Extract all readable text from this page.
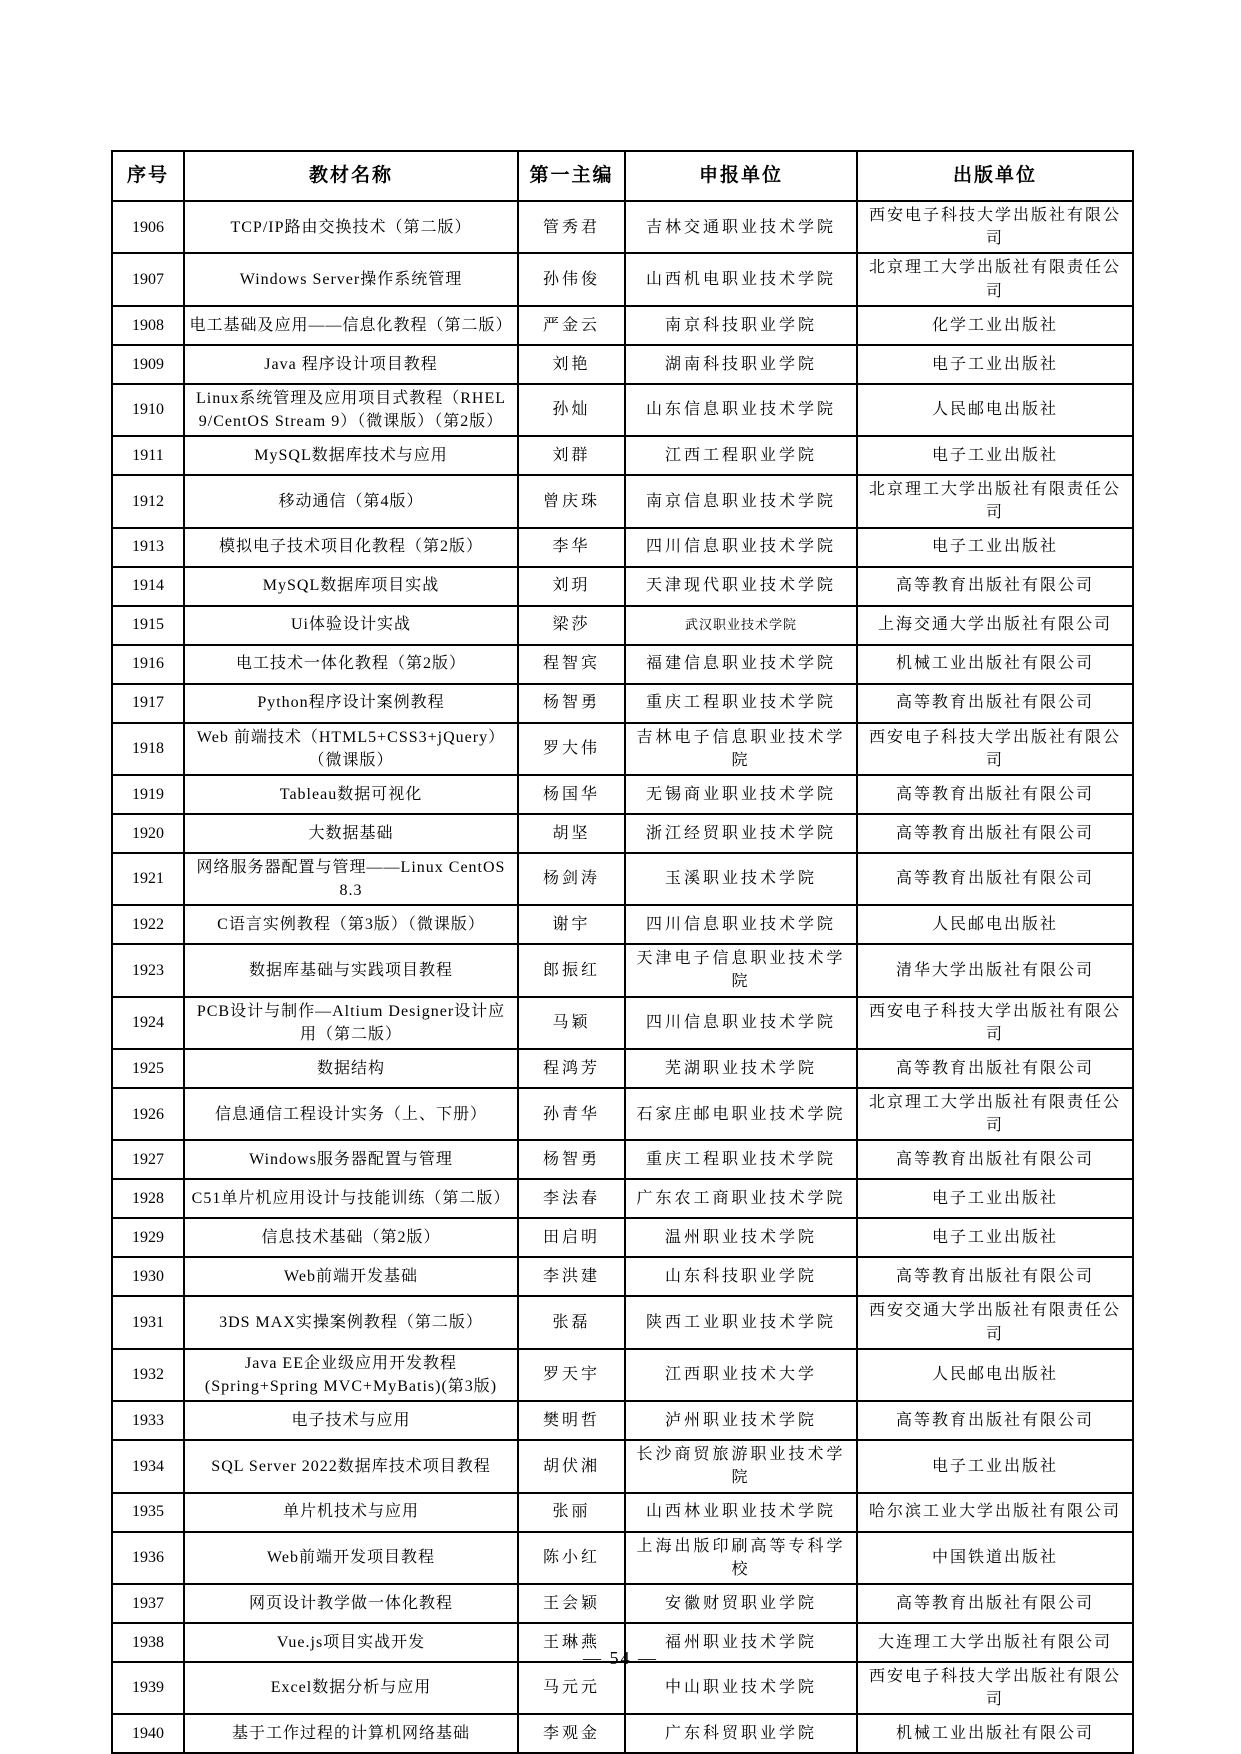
序号	教材名称	第一主编	申报单位	出版单位
1906	TCP/IP路由交换技术（第二版）	管秀君	吉林交通职业技术学院	西安电子科技大学出版社有限公司
1907	Windows Server操作系统管理	孙伟俊	山西机电职业技术学院	北京理工大学出版社有限责任公司
1908	电工基础及应用——信息化教程（第二版）	严金云	南京科技职业学院	化学工业出版社
1909	Java 程序设计项目教程	刘艳	湖南科技职业学院	电子工业出版社
1910	Linux系统管理及应用项目式教程（RHEL 9/CentOS Stream 9）（微课版）（第2版）	孙灿	山东信息职业技术学院	人民邮电出版社
1911	MySQL数据库技术与应用	刘群	江西工程职业学院	电子工业出版社
1912	移动通信（第4版）	曾庆珠	南京信息职业技术学院	北京理工大学出版社有限责任公司
1913	模拟电子技术项目化教程（第2版）	李华	四川信息职业技术学院	电子工业出版社
1914	MySQL数据库项目实战	刘玥	天津现代职业技术学院	高等教育出版社有限公司
1915	Ui体验设计实战	梁莎	武汉职业技术学院	上海交通大学出版社有限公司
1916	电工技术一体化教程（第2版）	程智宾	福建信息职业技术学院	机械工业出版社有限公司
1917	Python程序设计案例教程	杨智勇	重庆工程职业技术学院	高等教育出版社有限公司
1918	Web 前端技术（HTML5+CSS3+jQuery）（微课版）	罗大伟	吉林电子信息职业技术学院	西安电子科技大学出版社有限公司
1919	Tableau数据可视化	杨国华	无锡商业职业技术学院	高等教育出版社有限公司
1920	大数据基础	胡坚	浙江经贸职业技术学院	高等教育出版社有限公司
1921	网络服务器配置与管理——Linux CentOS 8.3	杨剑涛	玉溪职业技术学院	高等教育出版社有限公司
1922	C语言实例教程（第3版）（微课版）	谢宇	四川信息职业技术学院	人民邮电出版社
1923	数据库基础与实践项目教程	郎振红	天津电子信息职业技术学院	清华大学出版社有限公司
1924	PCB设计与制作—Altium Designer设计应用（第二版）	马颖	四川信息职业技术学院	西安电子科技大学出版社有限公司
1925	数据结构	程鸿芳	芜湖职业技术学院	高等教育出版社有限公司
1926	信息通信工程设计实务（上、下册）	孙青华	石家庄邮电职业技术学院	北京理工大学出版社有限责任公司
1927	Windows服务器配置与管理	杨智勇	重庆工程职业技术学院	高等教育出版社有限公司
1928	C51单片机应用设计与技能训练（第二版）	李法春	广东农工商职业技术学院	电子工业出版社
1929	信息技术基础（第2版）	田启明	温州职业技术学院	电子工业出版社
1930	Web前端开发基础	李洪建	山东科技职业学院	高等教育出版社有限公司
1931	3DS MAX实操案例教程（第二版）	张磊	陕西工业职业技术学院	西安交通大学出版社有限责任公司
1932	Java EE企业级应用开发教程(Spring+Spring MVC+MyBatis)(第3版)	罗天宇	江西职业技术大学	人民邮电出版社
1933	电子技术与应用	樊明哲	泸州职业技术学院	高等教育出版社有限公司
1934	SQL Server 2022数据库技术项目教程	胡伏湘	长沙商贸旅游职业技术学院	电子工业出版社
1935	单片机技术与应用	张丽	山西林业职业技术学院	哈尔滨工业大学出版社有限公司
1936	Web前端开发项目教程	陈小红	上海出版印刷高等专科学校	中国铁道出版社
1937	网页设计教学做一体化教程	王会颖	安徽财贸职业学院	高等教育出版社有限公司
1938	Vue.js项目实战开发	王琳燕	福州职业技术学院	大连理工大学出版社有限公司
1939	Excel数据分析与应用	马元元	中山职业技术学院	西安电子科技大学出版社有限公司
1940	基于工作过程的计算机网络基础	李观金	广东科贸职业学院	机械工业出版社有限公司
— 54 —
